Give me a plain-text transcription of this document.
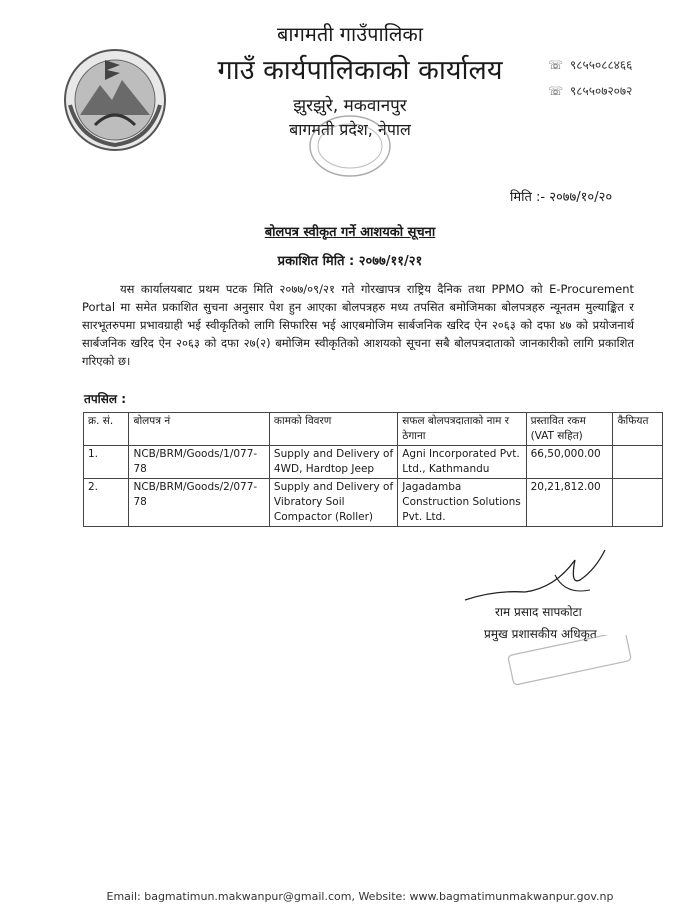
बागमती गाउँपालिका
गाउँ कार्यपालिकाको कार्यालय
झुरझुरे, मकवानपुर
बागमती प्रदेश, नेपाल
☏ ९८५५०८८४६६
☏ ९८५५०७२०७२
मिति :- २०७७/१०/२०
बोलपत्र स्वीकृत गर्ने आशयको सूचना
प्रकाशित मिति : २०७७/११/२१
यस कार्यालयबाट प्रथम पटक मिति २०७७/०९/२१ गते गोरखापत्र राष्ट्रिय दैनिक तथा PPMO को E-Procurement Portal मा समेत प्रकाशित सुचना अनुसार पेश हुन आएका बोलपत्रहरु मध्य तपसित बमोजिमका बोलपत्रहरु न्यूनतम मुल्याङ्कित र सारभूतरुपमा प्रभावग्राही भई स्वीकृतिको लागि सिफारिस भई आएबमोजिम सार्बजनिक खरिद ऐन २०६३ को दफा ४७ को प्रयोजनार्थ सार्बजनिक खरिद ऐन २०६३ को दफा २७(२) बमोजिम स्वीकृतिको आशयको सूचना सबै बोलपत्रदाताको जानकारीको लागि प्रकाशित गरिएको छ।
तपसिल :
क्र. सं.	बोलपत्र नं	कामको विवरण	सफल बोलपत्रदाताको नाम र ठेगाना	प्रस्तावित रकम (VAT सहित)	कैफियत
1.	NCB/BRM/Goods/1/077-78	Supply and Delivery of 4WD, Hardtop Jeep	Agni Incorporated Pvt. Ltd., Kathmandu	66,50,000.00	
2.	NCB/BRM/Goods/2/077-78	Supply and Delivery of Vibratory Soil Compactor (Roller)	Jagadamba Construction Solutions Pvt. Ltd.	20,21,812.00	
राम प्रसाद सापकोटा
प्रमुख प्रशासकीय अधिकृत
Email: bagmatimun.makwanpur@gmail.com, Website: www.bagmatimunmakwanpur.gov.np
